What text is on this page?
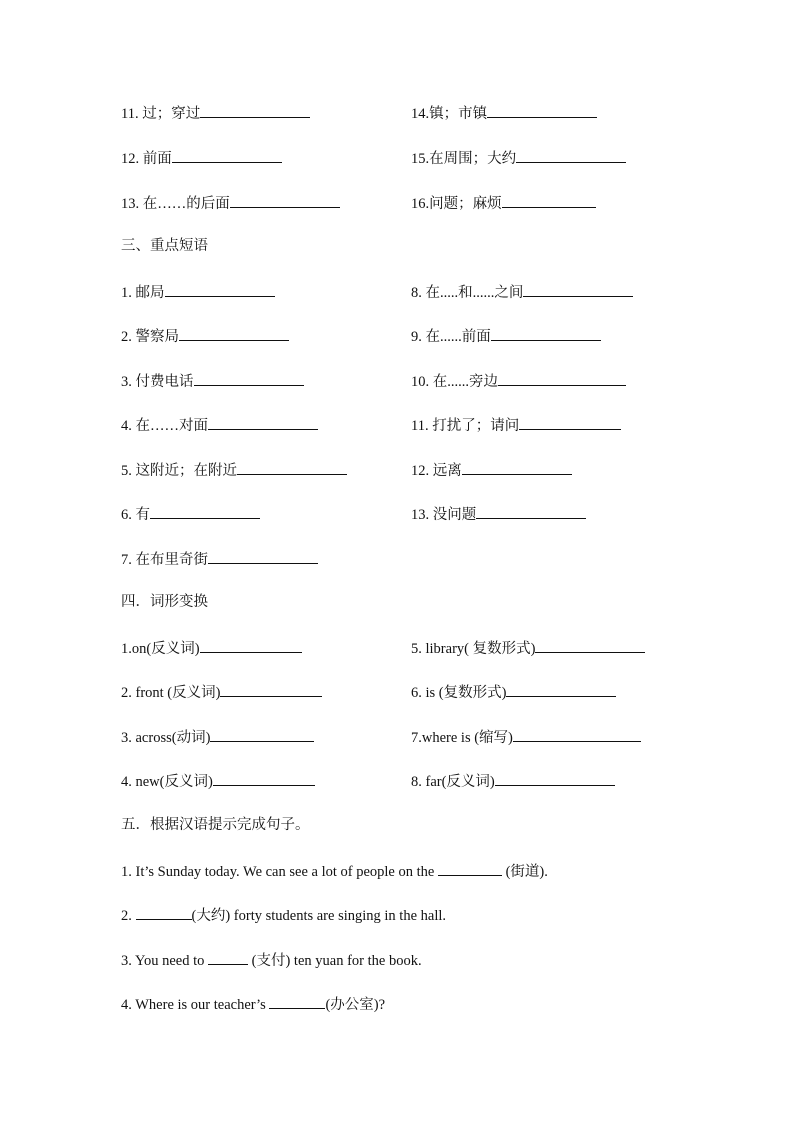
11. 过；穿过	14.镇；市镇
12. 前面	15.在周围；大约
13. 在……的后面	16.问题；麻烦
三、重点短语
1. 邮局	8. 在.....和......之间
2. 警察局	9. 在......前面
3. 付费电话	10. 在......旁边
4. 在……对面	11. 打扰了；请问
5. 这附近；在附近	12. 远离
6. 有	13. 没问题
7. 在布里奇街
四．词形变换
1.on(反义词)	5. library( 复数形式)
2. front (反义词)	6. is (复数形式)
3. across(动词)	7.where is (缩写)
4. new(反义词)	8. far(反义词)
五．根据汉语提示完成句子。
1. It’s Sunday today. We can see a lot of people on the	(街道).
2.	(大约) forty students are singing in the hall.
3. You need to	(支付) ten yuan for the book.
4. Where is our teacher’s	(办公室)?
